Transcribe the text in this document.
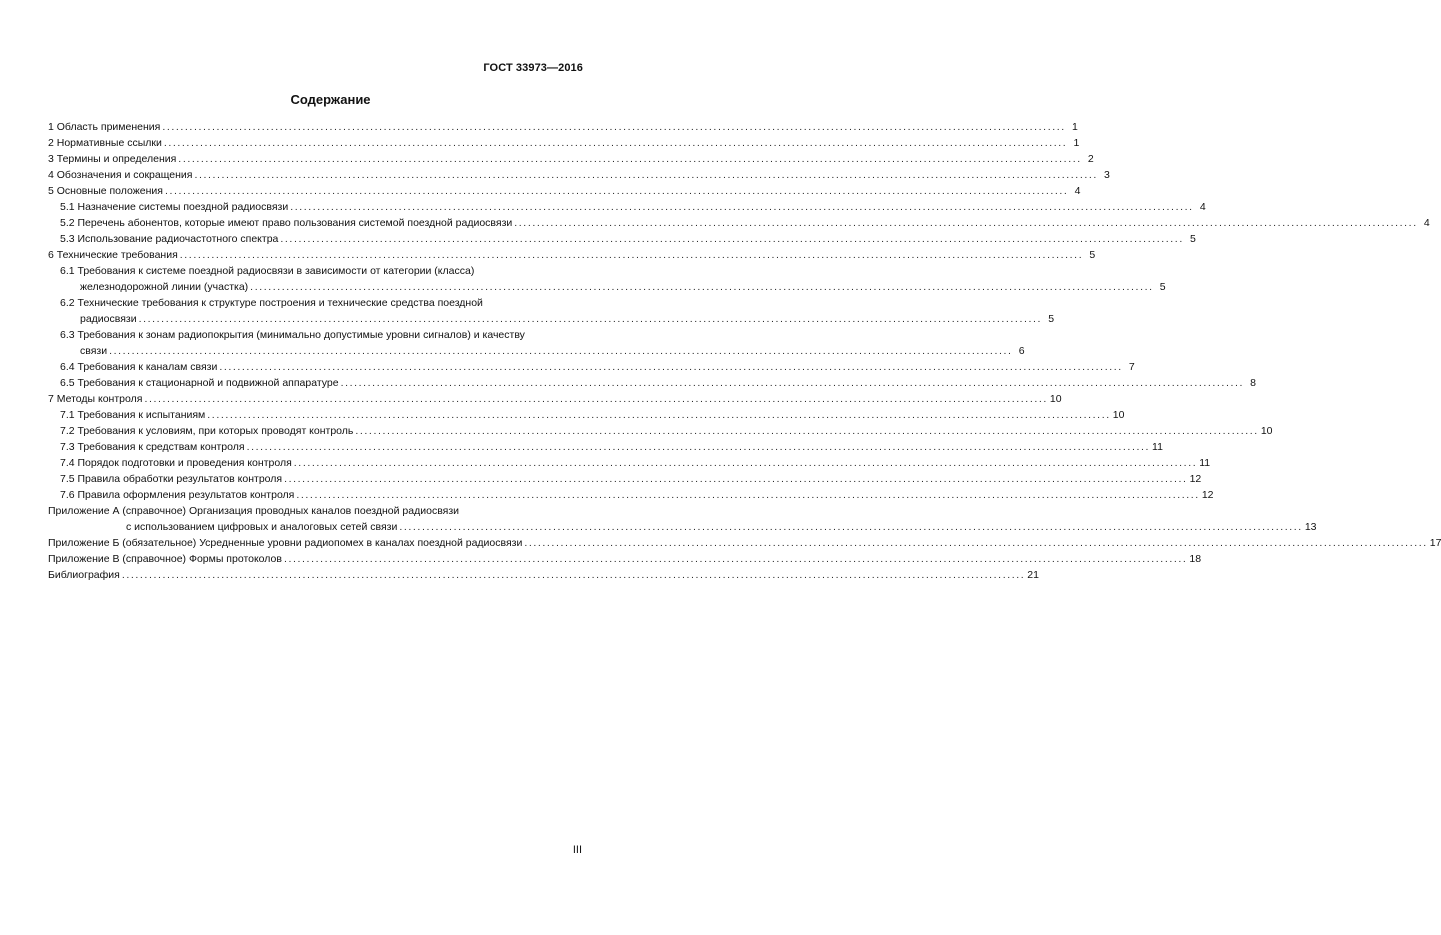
ГОСТ 33973—2016
Содержание
1 Область применения ........................................................................................................................................................................................................ 1
2 Нормативные ссылки ........................................................................................................................................................................................................ 1
3 Термины и определения ........................................................................................................................................................................................................ 2
4 Обозначения и сокращения ........................................................................................................................................................................................................ 3
5 Основные положения ........................................................................................................................................................................................................ 4
5.1 Назначение системы поездной радиосвязи ........................................................................................................................................................................................................ 4
5.2 Перечень абонентов, которые имеют право пользования системой поездной радиосвязи ........................................................................................................................................................................................................ 4
5.3 Использование радиочастотного спектра ........................................................................................................................................................................................................ 5
6 Технические требования ........................................................................................................................................................................................................ 5
6.1 Требования к системе поездной радиосвязи в зависимости от категории (класса)
железнодорожной линии (участка) ........................................................................................................................................................................................................ 5
6.2 Технические требования к структуре построения и технические средства поездной
радиосвязи ........................................................................................................................................................................................................ 5
6.3 Требования к зонам радиопокрытия (минимально допустимые уровни сигналов) и качеству
связи ........................................................................................................................................................................................................ 6
6.4 Требования к каналам связи ........................................................................................................................................................................................................ 7
6.5 Требования к стационарной и подвижной аппаратуре ........................................................................................................................................................................................................ 8
7 Методы контроля ........................................................................................................................................................................................................ 10
7.1 Требования к испытаниям ........................................................................................................................................................................................................ 10
7.2 Требования к условиям, при которых проводят контроль ........................................................................................................................................................................................................ 10
7.3 Требования к средствам контроля ........................................................................................................................................................................................................ 11
7.4 Порядок подготовки и проведения контроля ........................................................................................................................................................................................................ 11
7.5 Правила обработки результатов контроля ........................................................................................................................................................................................................ 12
7.6 Правила оформления результатов контроля ........................................................................................................................................................................................................ 12
Приложение А (справочное) Организация проводных каналов поездной радиосвязи
с использованием цифровых и аналоговых сетей связи ........................................................................................................................................................................................................ 13
Приложение Б (обязательное) Усредненные уровни радиопомех в каналах поездной радиосвязи ........................................................................................................................................................................................................ 17
Приложение В (справочное) Формы протоколов ........................................................................................................................................................................................................ 18
Библиография ........................................................................................................................................................................................................ 21
III
